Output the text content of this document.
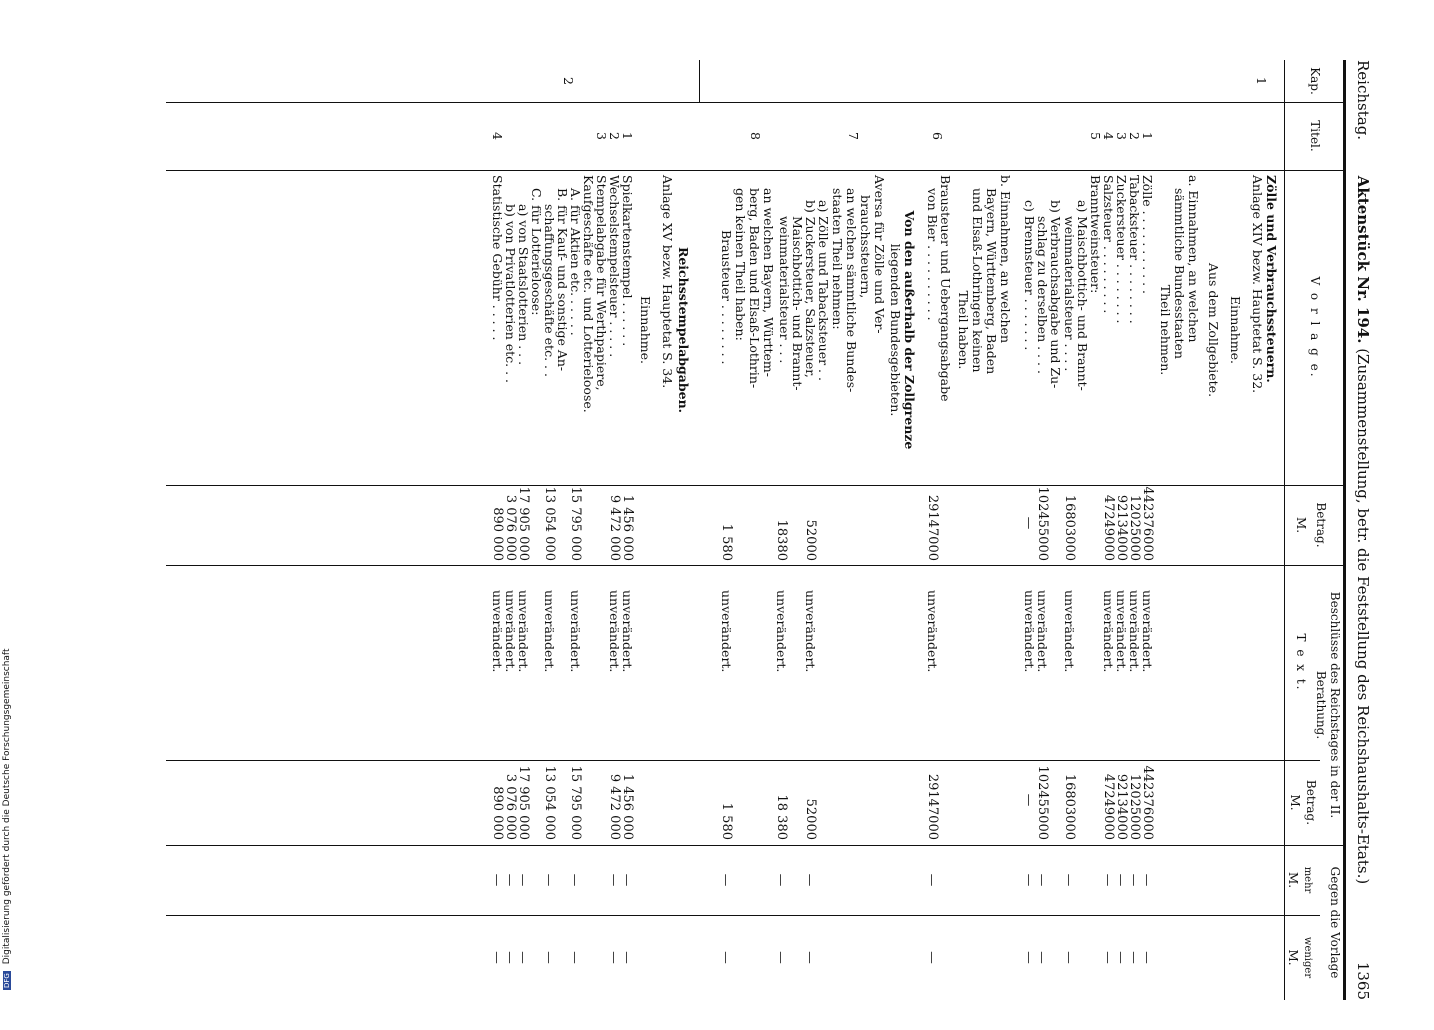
Reichstag.
Aktenstück Nr. 194. (Zusammenstellung, betr. die Feststellung des Reichshaushalts-Etats.)
1365
Kap.
Titel.
V o r l a g e.
Betrag.
M.
Beschlüsse des Reichstages in der II. Berathung.
T e x t.
Betrag.
M.
Gegen die Vorlage
mehr
weniger
M.
M.
1
2
Zölle und Verbrauchssteuern.
Anlage XIV bezw. Hauptetat S. 32.
Einnahme.
Aus dem Zollgebiete.
a. Einnahmen, an welchen
sämmtliche Bundesstaaten
Theil nehmen.
1
Zölle . . . . . . . . . . .
442376000
unverändert.
442376000
—
—
2
Tabacksteuer . . . . . . . .
12025000
unverändert.
12025000
—
—
3
Zuckersteuer . . . . . . . .
92134000
unverändert.
92134000
—
—
4
Salzsteuer . . . . . . . . .
47249000
unverändert.
47249000
—
—
5
Branntweinsteuer:
a) Maischbottich- und Brannt-
weinmaterialsteuer . . . .
16803000
unverändert.
16803000
—
—
b) Verbrauchsabgabe und Zu-
schlag zu derselben . . . .
102455000
unverändert.
102455000
—
—
c) Brennsteuer . . . . . . .
—
unverändert.
—
—
—
b. Einnahmen, an welchen
Bayern, Württemberg, Baden
und Elsaß-Lothringen keinen
Theil haben.
6
Brausteuer und Uebergangsabgabe
von Bier . . . . . . . . . .
29147000
unverändert.
29147000
—
—
Von den außerhalb der Zollgrenze
liegenden Bundesgebieten.
Aversa für Zölle und Ver-
brauchssteuern,
7
an welchen sämmtliche Bundes-
staaten Theil nehmen:
a) Zölle und Tabacksteuer . .
b) Zuckersteuer, Salzsteuer,
Maischbottich- und Brannt-
weinmaterialsteuer . . .
52000
unverändert.
52000
—
—
8
18380
unverändert.
18 380
—
—
an welchen Bayern, Württem-
berg, Baden und Elsaß-Lothrin-
gen keinen Theil haben:
Brausteuer . . . . . . . .
1 580
unverändert.
1 580
—
—
Reichsstempelabgaben.
Anlage XV bezw. Hauptetat S. 34.
Einnahme.
1
Spielkartenstempel . . . . . .
1 456 000
unverändert.
1 456 000
—
—
2
Wechselstempelsteuer . . . . .
9 472 000
unverändert.
9 472 000
—
—
3
Stempelabgabe für Werthpapiere,
Kaufgeschäfte etc. und Lotterieloose.
A. für Aktien etc. . . . . .
15 795 000
unverändert.
15 795 000
—
—
B. für Kauf- und sonstige An-
schaffungsgeschäfte etc. . .
13 054 000
unverändert.
13 054 000
—
—
C. für Lotterieloose:
a) von Staatslotterien . . .
17 905 000
unverändert.
17 905 000
—
—
b) von Privatlotterien etc. . .
3 076 000
unverändert.
3 076 000
—
—
4
Statistische Gebühr . . . . .
890 000
unverändert.
890 000
—
—
DFG Digitalisierung gefördert durch die Deutsche Forschungsgemeinschaft
